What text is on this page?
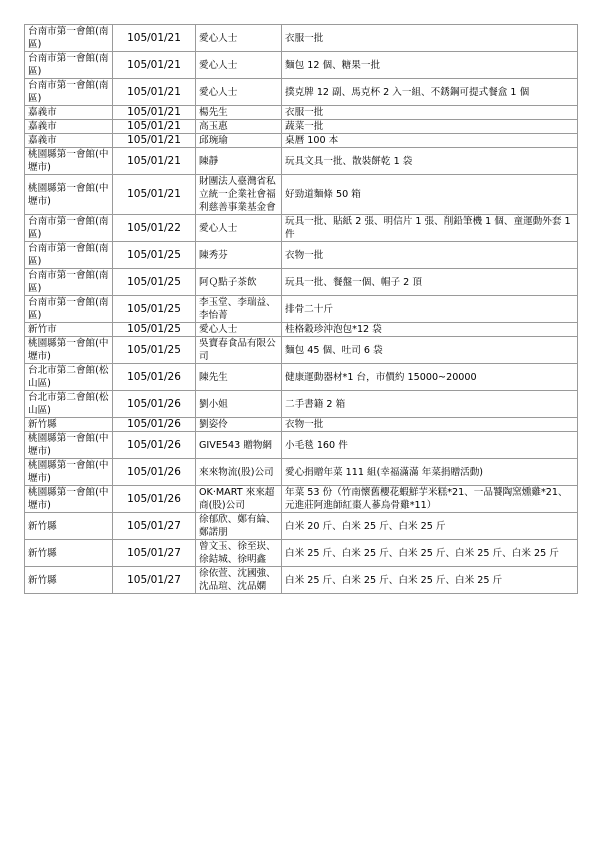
台南市第一會館(南區)	105/01/21	愛心人士	衣服一批
台南市第一會館(南區)	105/01/21	愛心人士	麵包 12 個、糖果一批
台南市第一會館(南區)	105/01/21	愛心人士	撲克牌 12 副、馬克杯 2 入一組、不銹鋼可提式餐盒 1 個
嘉義市	105/01/21	楊先生	衣服一批
嘉義市	105/01/21	高玉惠	蔬菜一批
嘉義市	105/01/21	邱琬瑜	桌曆 100 本
桃園縣第一會館(中壢市)	105/01/21	陳靜	玩具文具一批、散裝餅乾 1 袋
桃園縣第一會館(中壢市)	105/01/21	財團法人臺灣省私立統一企業社會福利慈善事業基金會	好勁道麵條 50 箱
台南市第一會館(南區)	105/01/22	愛心人士	玩具一批、貼紙 2 張、明信片 1 張、削鉛筆機 1 個、童運動外套 1 件
台南市第一會館(南區)	105/01/25	陳秀芬	衣物一批
台南市第一會館(南區)	105/01/25	阿Ｑ點子茶飲	玩具一批、餐盤一個、帽子 2 頂
台南市第一會館(南區)	105/01/25	李玉堂、李瑞益、李怡菁	排骨二十斤
新竹市	105/01/25	愛心人士	桂格穀珍沖泡包*12 袋
桃園縣第一會館(中壢市)	105/01/25	吳寶春食品有限公司	麵包 45 個、吐司 6 袋
台北市第二會館(松山區)	105/01/26	陳先生	健康運動器材*1 台，市價約 15000~20000
台北市第二會館(松山區)	105/01/26	劉小姐	二手書籍 2 箱
新竹縣	105/01/26	劉姿伶	衣物一批
桃園縣第一會館(中壢市)	105/01/26	GIVE543 贈物網	小毛毯 160 件
桃園縣第一會館(中壢市)	105/01/26	來來物流(股)公司	愛心捐贈年菜 111 組(幸福滿滿 年菜捐贈活動)
桃園縣第一會館(中壢市)	105/01/26	OK‧MART 來來超商(股)公司	年菜 53 份（竹南懷舊櫻花蝦鮮芋米糕*21、一品饕陶窯燻雞*21、元進莊阿進師紅棗人蔘烏骨雞*11）
新竹縣	105/01/27	徐郁欣、鄭有綸、鄭諾朋	白米 20 斤、白米 25 斤、白米 25 斤
新竹縣	105/01/27	曾文玉、徐至崁、徐銡城、徐明鑫	白米 25 斤、白米 25 斤、白米 25 斤、白米 25 斤、白米 25 斤
新竹縣	105/01/27	徐依萱、沈國強、沈品瑄、沈品嫻	白米 25 斤、白米 25 斤、白米 25 斤、白米 25 斤
